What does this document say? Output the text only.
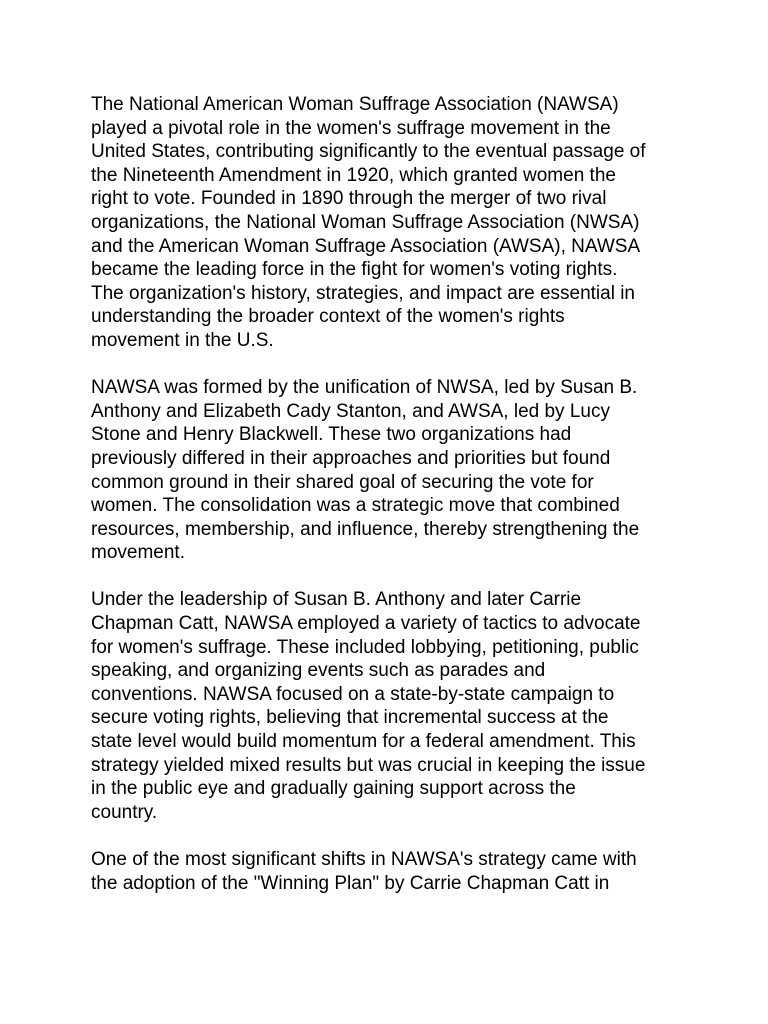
The National American Woman Suffrage Association (NAWSA)
played a pivotal role in the women's suffrage movement in the
United States, contributing significantly to the eventual passage of
the Nineteenth Amendment in 1920, which granted women the
right to vote. Founded in 1890 through the merger of two rival
organizations, the National Woman Suffrage Association (NWSA)
and the American Woman Suffrage Association (AWSA), NAWSA
became the leading force in the fight for women's voting rights.
The organization's history, strategies, and impact are essential in
understanding the broader context of the women's rights
movement in the U.S.
NAWSA was formed by the unification of NWSA, led by Susan B.
Anthony and Elizabeth Cady Stanton, and AWSA, led by Lucy
Stone and Henry Blackwell. These two organizations had
previously differed in their approaches and priorities but found
common ground in their shared goal of securing the vote for
women. The consolidation was a strategic move that combined
resources, membership, and influence, thereby strengthening the
movement.
Under the leadership of Susan B. Anthony and later Carrie
Chapman Catt, NAWSA employed a variety of tactics to advocate
for women's suffrage. These included lobbying, petitioning, public
speaking, and organizing events such as parades and
conventions. NAWSA focused on a state-by-state campaign to
secure voting rights, believing that incremental success at the
state level would build momentum for a federal amendment. This
strategy yielded mixed results but was crucial in keeping the issue
in the public eye and gradually gaining support across the
country.
One of the most significant shifts in NAWSA's strategy came with
the adoption of the "Winning Plan" by Carrie Chapman Catt in
